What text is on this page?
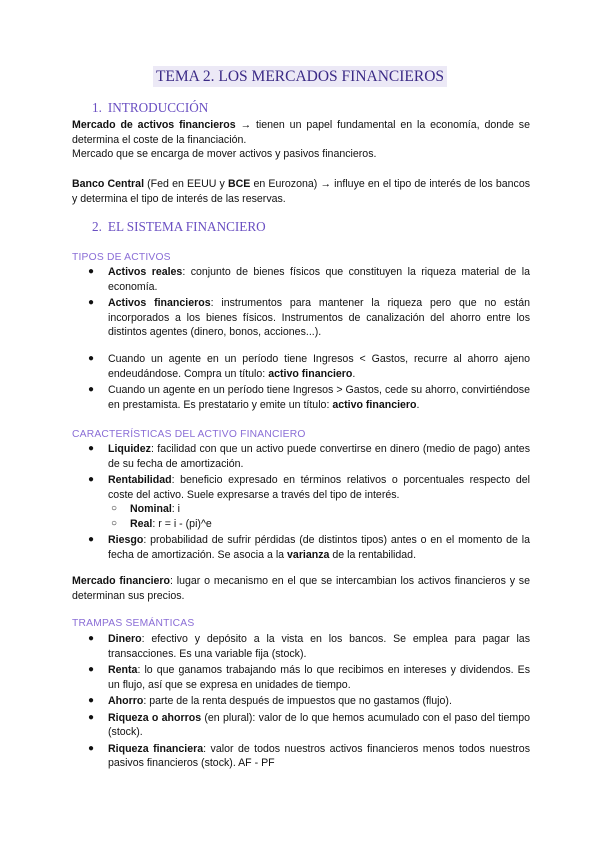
TEMA 2. LOS MERCADOS FINANCIEROS
1. INTRODUCCIÓN

Mercado de activos financieros → tienen un papel fundamental en la economía, donde se determina el coste de la financiación.

Mercado que se encarga de mover activos y pasivos financieros.

Banco Central (Fed en EEUU y BCE en Eurozona) → influye en el tipo de interés de los bancos y determina el tipo de interés de las reservas.

2. EL SISTEMA FINANCIERO
TIPOS DE ACTIVOS
● Activos reales: conjunto de bienes físicos que constituyen la riqueza material de la economía.
● Activos financieros: instrumentos para mantener la riqueza pero que no están incorporados a los bienes físicos. Instrumentos de canalización del ahorro entre los distintos agentes (dinero, bonos, acciones...).
● Cuando un agente en un período tiene Ingresos < Gastos, recurre al ahorro ajeno endeudándose. Compra un título: activo financiero.
● Cuando un agente en un período tiene Ingresos > Gastos, cede su ahorro, convirtiéndose en prestamista. Es prestatario y emite un título: activo financiero.
CARACTERÍSTICAS DEL ACTIVO FINANCIERO
● Liquidez: facilidad con que un activo puede convertirse en dinero (medio de pago) antes de su fecha de amortización.
● Rentabilidad: beneficio expresado en términos relativos o porcentuales respecto del coste del activo. Suele expresarse a través del tipo de interés.
○ Nominal: i
○ Real: r = i - (pi)^e
● Riesgo: probabilidad de sufrir pérdidas (de distintos tipos) antes o en el momento de la fecha de amortización. Se asocia a la varianza de la rentabilidad.

Mercado financiero: lugar o mecanismo en el que se intercambian los activos financieros y se determinan sus precios.

TRAMPAS SEMÁNTICAS
● Dinero: efectivo y depósito a la vista en los bancos. Se emplea para pagar las transacciones. Es una variable fija (stock).
● Renta: lo que ganamos trabajando más lo que recibimos en intereses y dividendos. Es un flujo, así que se expresa en unidades de tiempo.
● Ahorro: parte de la renta después de impuestos que no gastamos (flujo).
● Riqueza o ahorros (en plural): valor de lo que hemos acumulado con el paso del tiempo (stock).
● Riqueza financiera: valor de todos nuestros activos financieros menos todos nuestros pasivos financieros (stock). AF - PF
